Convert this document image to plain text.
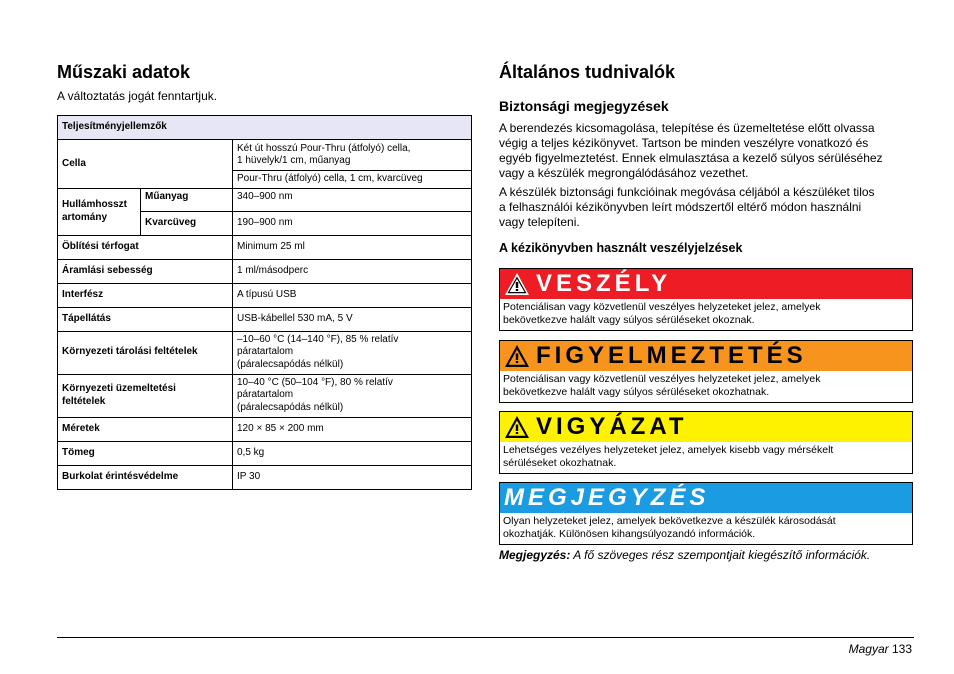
Műszaki adatok
A változtatás jogát fenntartjuk.
Teljesítményjellemzők		
Cella		Két út hosszú Pour-Thru (átfolyó) cella,
1 hüvelyk/1 cm, műanyag
		Pour-Thru (átfolyó) cella, 1 cm, kvarcüveg
Hullámhosszt
artomány	Műanyag	340–900 nm
	Kvarcüveg	190–900 nm
Öblítési térfogat		Minimum 25 ml
Áramlási sebesség		1 ml/másodperc
Interfész		A típusú USB
Tápellátás		USB-kábellel 530 mA, 5 V
Környezeti tárolási feltételek		–10–60 °C (14–140 °F), 85 % relatív
páratartalom
(páralecsapódás nélkül)
Környezeti üzemeltetési
feltételek		10–40 °C (50–104 °F), 80 % relatív
páratartalom
(páralecsapódás nélkül)
Méretek		120 × 85 × 200 mm
Tömeg		0,5 kg
Burkolat érintésvédelme		IP 30
Általános tudnivalók
Biztonsági megjegyzések
A berendezés kicsomagolása, telepítése és üzemeltetése előtt olvassa
végig a teljes kézikönyvet. Tartson be minden veszélyre vonatkozó és
egyéb figyelmeztetést. Ennek elmulasztása a kezelő súlyos sérüléséhez
vagy a készülék megrongálódásához vezethet.
A készülék biztonsági funkcióinak megóvása céljából a készüléket tilos
a felhasználói kézikönyvben leírt módszertől eltérő módon használni
vagy telepíteni.
A kézikönyvben használt veszélyjelzések
VESZÉLY
Potenciálisan vagy közvetlenül veszélyes helyzeteket jelez, amelyek
bekövetkezve halált vagy súlyos sérüléseket okoznak.
FIGYELMEZTETÉS
Potenciálisan vagy közvetlenül veszélyes helyzeteket jelez, amelyek
bekövetkezve halált vagy súlyos sérüléseket okozhatnak.
VIGYÁZAT
Lehetséges vezélyes helyzeteket jelez, amelyek kisebb vagy mérsékelt
sérüléseket okozhatnak.
MEGJEGYZÉS
Olyan helyzeteket jelez, amelyek bekövetkezve a készülék károsodását
okozhatják. Különösen kihangsúlyozandó információk.
Megjegyzés: A fő szöveges rész szempontjait kiegészítő információk.
Magyar 133
